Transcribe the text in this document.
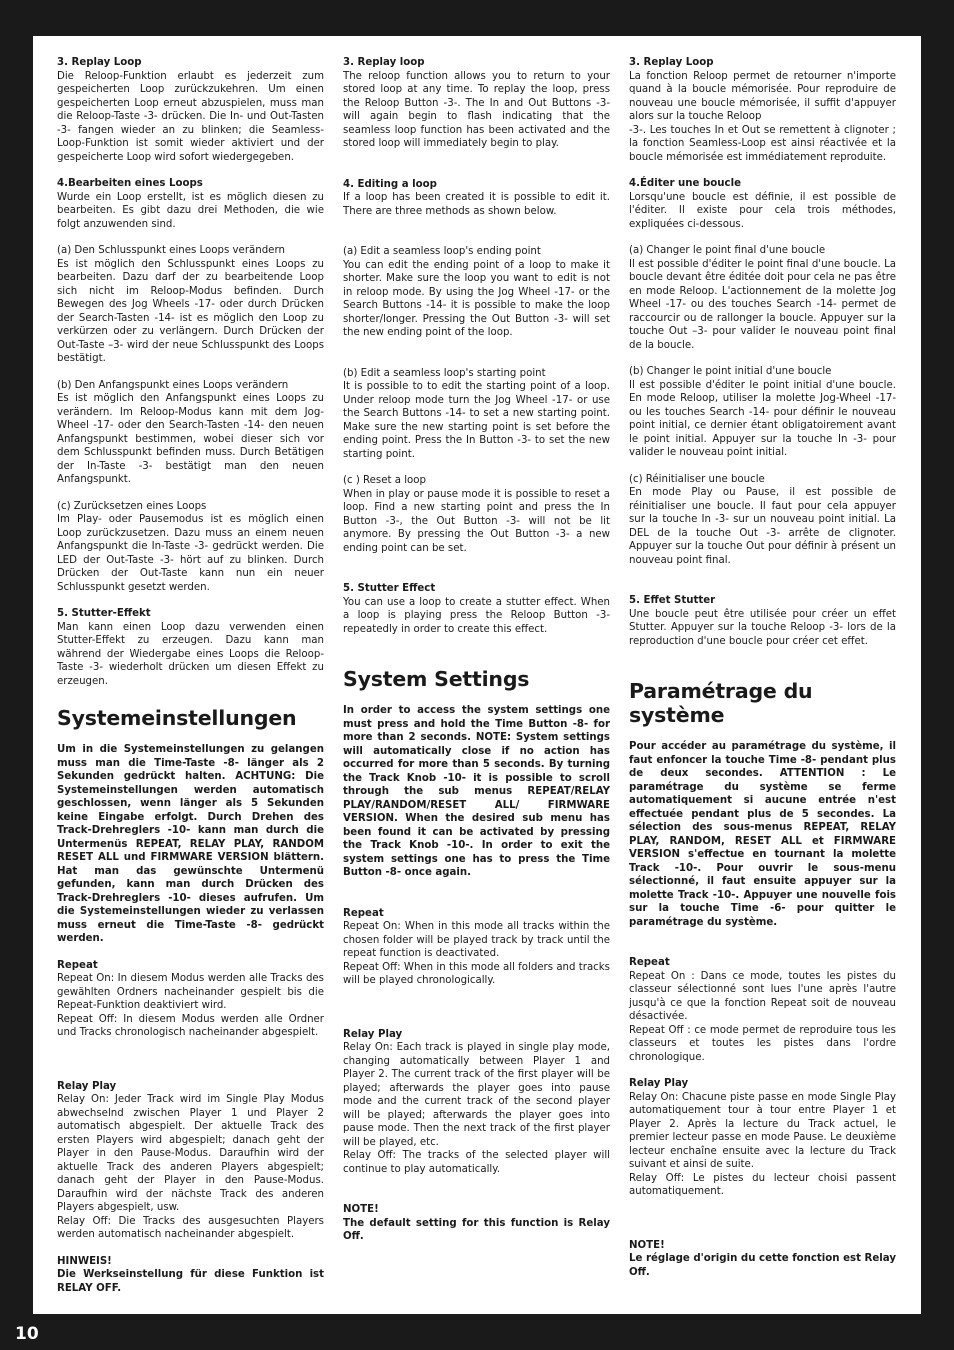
3. Replay Loop
Die Reloop-Funktion erlaubt es jederzeit zum gespeicherten Loop zurückzukehren. Um einen gespeicherten Loop erneut abzuspielen, muss man die Reloop-Taste -3- drücken. Die In- und Out-Tasten -3- fangen wieder an zu blinken; die Seamless-Loop-Funktion ist somit wieder aktiviert und der gespeicherte Loop wird sofort wiedergegeben.
4.Bearbeiten eines Loops
Wurde ein Loop erstellt, ist es möglich diesen zu bearbeiten. Es gibt dazu drei Methoden, die wie folgt anzuwenden sind.
(a) Den Schlusspunkt eines Loops verändern
Es ist möglich den Schlusspunkt eines Loops zu bearbeiten. Dazu darf der zu bearbeitende Loop sich nicht im Reloop-Modus befinden. Durch Bewegen des Jog Wheels -17- oder durch Drücken der Search-Tasten -14- ist es möglich den Loop zu verkürzen oder zu verlängern. Durch Drücken der Out-Taste –3- wird der neue Schlusspunkt des Loops bestätigt.
(b) Den Anfangspunkt eines Loops verändern
Es ist möglich den Anfangspunkt eines Loops zu verändern. Im Reloop-Modus kann mit dem Jog-Wheel -17- oder den Search-Tasten -14- den neuen Anfangspunkt bestimmen, wobei dieser sich vor dem Schlusspunkt befinden muss. Durch Betätigen der In-Taste -3- bestätigt man den neuen Anfangspunkt.
(c) Zurücksetzen eines Loops
Im Play- oder Pausemodus ist es möglich einen Loop zurückzusetzen. Dazu muss an einem neuen Anfangspunkt die In-Taste -3- gedrückt werden. Die LED der Out-Taste -3- hört auf zu blinken. Durch Drücken der Out-Taste kann nun ein neuer Schlusspunkt gesetzt werden.
5. Stutter-Effekt
Man kann einen Loop dazu verwenden einen Stutter-Effekt zu erzeugen. Dazu kann man während der Wiedergabe eines Loops die Reloop-Taste -3- wiederholt drücken um diesen Effekt zu erzeugen.
Systemeinstellungen
Um in die Systemeinstellungen zu gelangen muss man die Time-Taste -8- länger als 2 Sekunden gedrückt halten. ACHTUNG: Die Systemeinstellungen werden automatisch geschlossen, wenn länger als 5 Sekunden keine Eingabe erfolgt. Durch Drehen des Track-Drehreglers -10- kann man durch die Untermenüs REPEAT, RELAY PLAY, RANDOM RESET ALL und FIRMWARE VERSION blättern. Hat man das gewünschte Untermenü gefunden, kann man durch Drücken des Track-Drehreglers -10- dieses aufrufen. Um die Systemeinstellungen wieder zu verlassen muss erneut die Time-Taste -8- gedrückt werden.
Repeat
Repeat On: In diesem Modus werden alle Tracks des gewählten Ordners nacheinander gespielt bis die Repeat-Funktion deaktiviert wird.
Repeat Off: In diesem Modus werden alle Ordner und Tracks chronologisch nacheinander abgespielt.
Relay Play
Relay On: Jeder Track wird im Single Play Modus abwechselnd zwischen Player 1 und Player 2 automatisch abgespielt. Der aktuelle Track des ersten Players wird abgespielt; danach geht der Player in den Pause-Modus. Daraufhin wird der aktuelle Track des anderen Players abgespielt; danach geht der Player in den Pause-Modus. Daraufhin wird der nächste Track des anderen Players abgespielt, usw.
Relay Off: Die Tracks des ausgesuchten Players werden automatisch nacheinander abgespielt.
HINWEIS!
Die Werkseinstellung für diese Funktion ist RELAY OFF.
3. Replay loop
The reloop function allows you to return to your stored loop at any time. To replay the loop, press the Reloop Button -3-. The In and Out Buttons -3- will again begin to flash indicating that the seamless loop function has been activated and the stored loop will immediately begin to play.
4. Editing a loop
If a loop has been created it is possible to edit it. There are three methods as shown below.
(a) Edit a seamless loop's ending point
You can edit the ending point of a loop to make it shorter. Make sure the loop you want to edit is not in reloop mode. By using the Jog Wheel -17- or the Search Buttons -14- it is possible to make the loop shorter/longer. Pressing the Out Button -3- will set the new ending point of the loop.
(b) Edit a seamless loop's starting point
It is possible to to edit the starting point of a loop. Under reloop mode turn the Jog Wheel -17- or use the Search Buttons -14- to set a new starting point. Make sure the new starting point is set before the ending point. Press the In Button -3- to set the new starting point.
(c ) Reset a loop
When in play or pause mode it is possible to reset a loop. Find a new starting point and press the In Button -3-, the Out Button -3- will not be lit anymore. By pressing the Out Button -3- a new ending point can be set.
5. Stutter Effect
You can use a loop to create a stutter effect. When a loop is playing press the Reloop Button -3- repeatedly in order to create this effect.
System Settings
In order to access the system settings one must press and hold the Time Button -8- for more than 2 seconds. NOTE: System settings will automatically close if no action has occurred for more than 5 seconds. By turning the Track Knob -10- it is possible to scroll through the sub menus REPEAT/RELAY PLAY/RANDOM/RESET ALL/ FIRMWARE VERSION. When the desired sub menu has been found it can be activated by pressing the Track Knob -10-. In order to exit the system settings one has to press the Time Button -8- once again.
Repeat
Repeat On: When in this mode all tracks within the chosen folder will be played track by track until the repeat function is deactivated.
Repeat Off: When in this mode all folders and tracks will be played chronologically.
Relay Play
Relay On: Each track is played in single play mode, changing automatically between Player 1 and Player 2. The current track of the first player will be played; afterwards the player goes into pause mode and the current track of the second player will be played; afterwards the player goes into pause mode. Then the next track of the first player will be played, etc.
Relay Off: The tracks of the selected player will continue to play automatically.
NOTE!
The default setting for this function is Relay Off.
3. Replay Loop
La fonction Reloop permet de retourner n'importe quand à la boucle mémorisée. Pour reproduire de nouveau une boucle mémorisée, il suffit d'appuyer alors sur la touche Reloop
-3-. Les touches In et Out se remettent à clignoter ; la fonction Seamless-Loop est ainsi réactivée et la boucle mémorisée est immédiatement reproduite.
4.Éditer une boucle
Lorsqu'une boucle est définie, il est possible de l'éditer. Il existe pour cela trois méthodes, expliquées ci-dessous.
(a) Changer le point final d'une boucle
Il est possible d'éditer le point final d'une boucle. La boucle devant être éditée doit pour cela ne pas être en mode Reloop. L'actionnement de la molette Jog Wheel -17- ou des touches Search -14- permet de raccourcir ou de rallonger la boucle. Appuyer sur la touche Out –3- pour valider le nouveau point final de la boucle.
(b) Changer le point initial d'une boucle
Il est possible d'éditer le point initial d'une boucle. En mode Reloop, utiliser la molette Jog-Wheel -17- ou les touches Search -14- pour définir le nouveau point initial, ce dernier étant obligatoirement avant le point initial. Appuyer sur la touche In -3- pour valider le nouveau point initial.
(c) Réinitialiser une boucle
En mode Play ou Pause, il est possible de réinitialiser une boucle. Il faut pour cela appuyer sur la touche In -3- sur un nouveau point initial. La DEL de la touche Out -3- arrête de clignoter. Appuyer sur la touche Out pour définir à présent un nouveau point final.
5. Effet Stutter
Une boucle peut être utilisée pour créer un effet Stutter. Appuyer sur la touche Reloop -3- lors de la reproduction d'une boucle pour créer cet effet.
Paramétrage du système
Pour accéder au paramétrage du système, il faut enfoncer la touche Time -8- pendant plus de deux secondes. ATTENTION : Le paramétrage du système se ferme automatiquement si aucune entrée n'est effectuée pendant plus de 5 secondes. La sélection des sous-menus REPEAT, RELAY PLAY, RANDOM, RESET ALL et FIRMWARE VERSION s'effectue en tournant la molette Track -10-. Pour ouvrir le sous-menu sélectionné, il faut ensuite appuyer sur la molette Track -10-. Appuyer une nouvelle fois sur la touche Time -6- pour quitter le paramétrage du système.
Repeat
Repeat On : Dans ce mode, toutes les pistes du classeur sélectionné sont lues l'une après l'autre jusqu'à ce que la fonction Repeat soit de nouveau désactivée.
Repeat Off : ce mode permet de reproduire tous les classeurs et toutes les pistes dans l'ordre chronologique.
Relay Play
Relay On: Chacune piste passe en mode Single Play automatiquement tour à tour entre Player 1 et Player 2. Après la lecture du Track actuel, le premier lecteur passe en mode Pause. Le deuxième lecteur enchaîne ensuite avec la lecture du Track suivant et ainsi de suite.
Relay Off: Le pistes du lecteur choisi passent automatiquement.
NOTE!
Le réglage d'origin du cette fonction est Relay Off.
10
